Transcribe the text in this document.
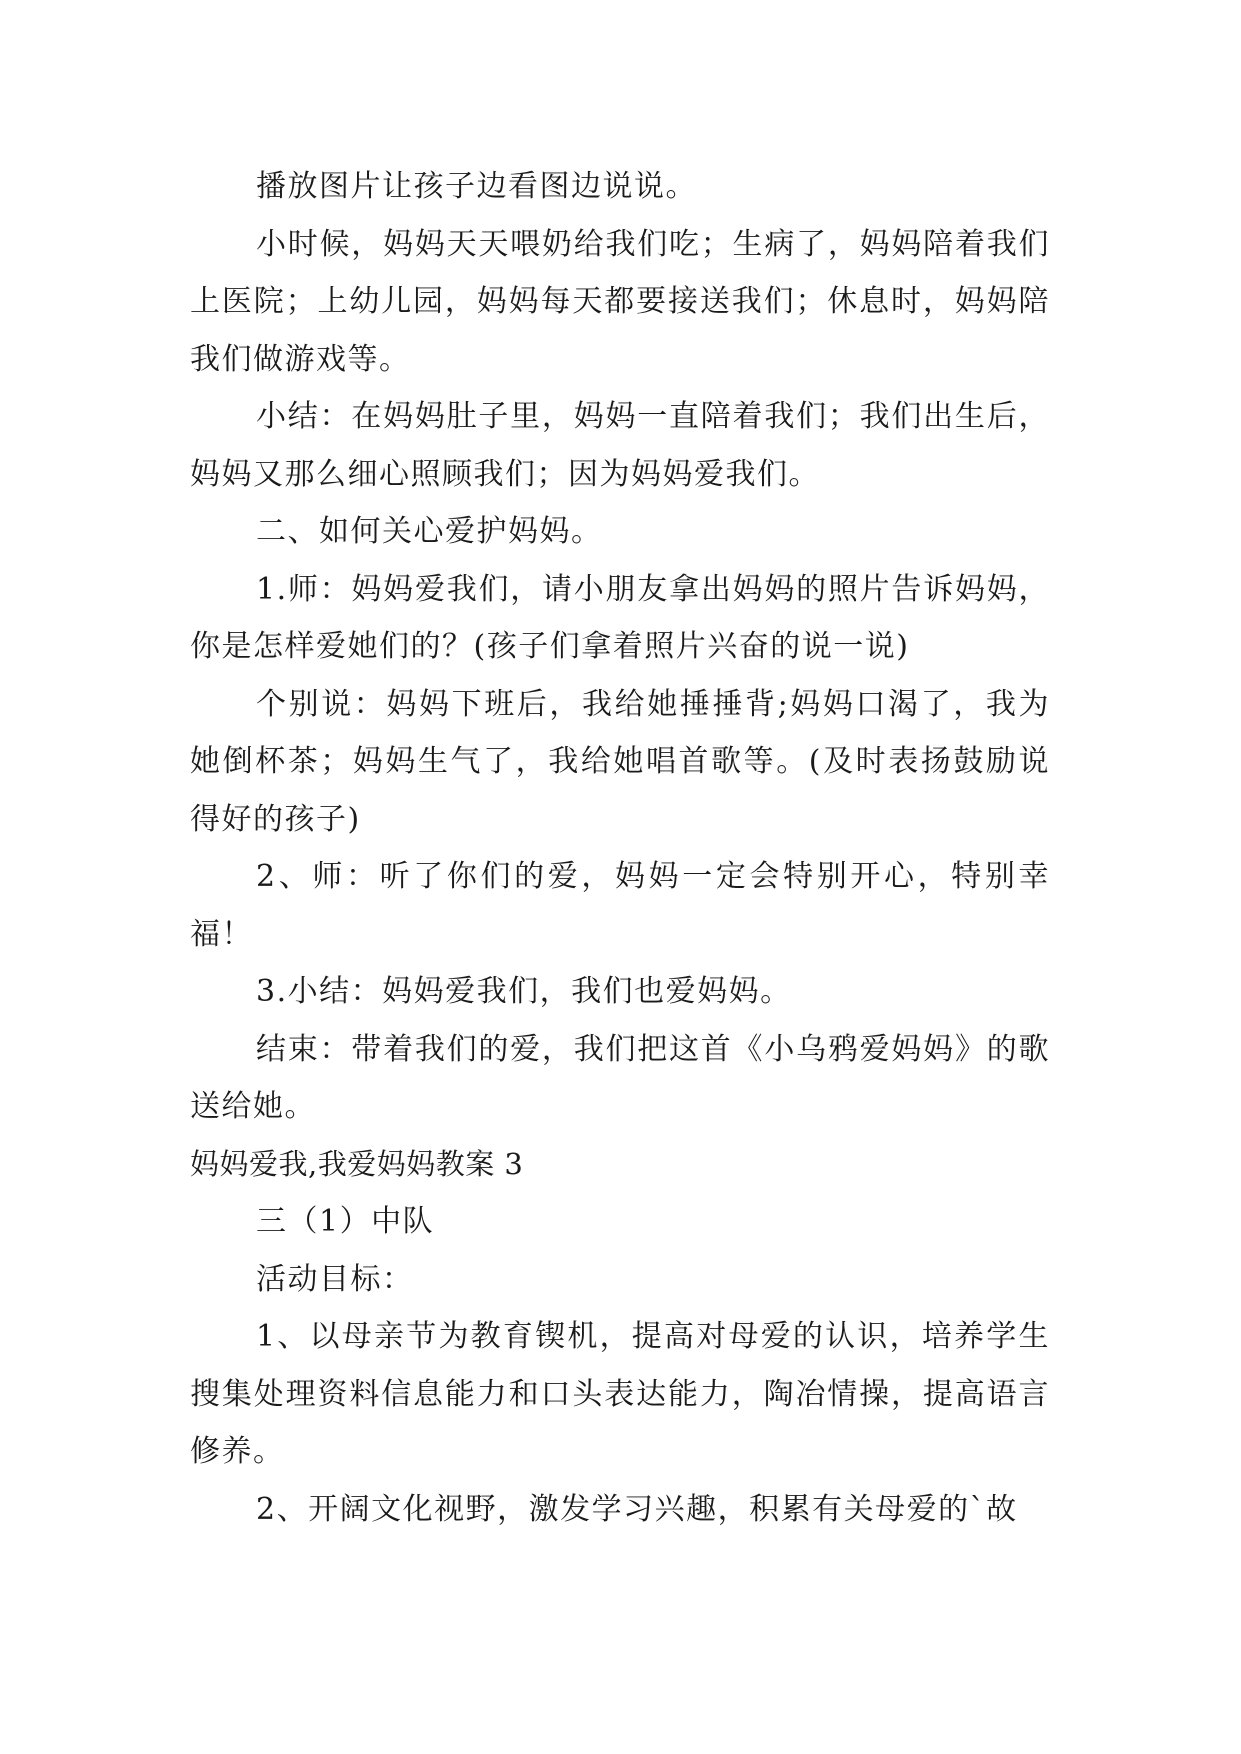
播放图片让孩子边看图边说说。

小时候，妈妈天天喂奶给我们吃；生病了，妈妈陪着我们上医院；上幼儿园，妈妈每天都要接送我们；休息时，妈妈陪我们做游戏等。

小结：在妈妈肚子里，妈妈一直陪着我们；我们出生后，妈妈又那么细心照顾我们；因为妈妈爱我们。

二、如何关心爱护妈妈。

1.师：妈妈爱我们，请小朋友拿出妈妈的照片告诉妈妈，你是怎样爱她们的？(孩子们拿着照片兴奋的说一说)

个别说：妈妈下班后，我给她捶捶背;妈妈口渴了，我为她倒杯茶；妈妈生气了，我给她唱首歌等。(及时表扬鼓励说得好的孩子)

2、师：听了你们的爱，妈妈一定会特别开心，特别幸福！

3.小结：妈妈爱我们，我们也爱妈妈。

结束：带着我们的爱，我们把这首《小乌鸦爱妈妈》的歌送给她。

妈妈爱我,我爱妈妈教案 3

三（1）中队

活动目标：

1、以母亲节为教育锲机，提高对母爱的认识，培养学生搜集处理资料信息能力和口头表达能力，陶冶情操，提高语言修养。

2、开阔文化视野，激发学习兴趣，积累有关母爱的`故
